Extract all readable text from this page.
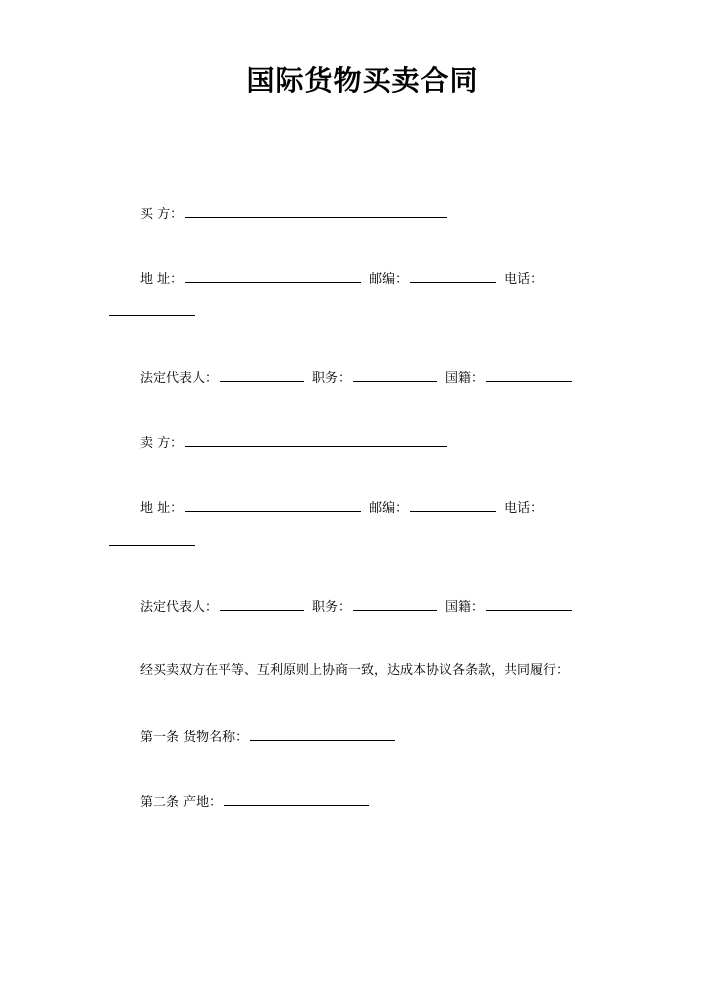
国际货物买卖合同
买 方：
地 址：	邮编：	电话：
法定代表人：	职务：	国籍：
卖 方：
地 址：	邮编：	电话：
法定代表人：	职务：	国籍：
经买卖双方在平等、互利原则上协商一致，达成本协议各条款，共同履行：
第一条 货物名称：
第二条 产地：
